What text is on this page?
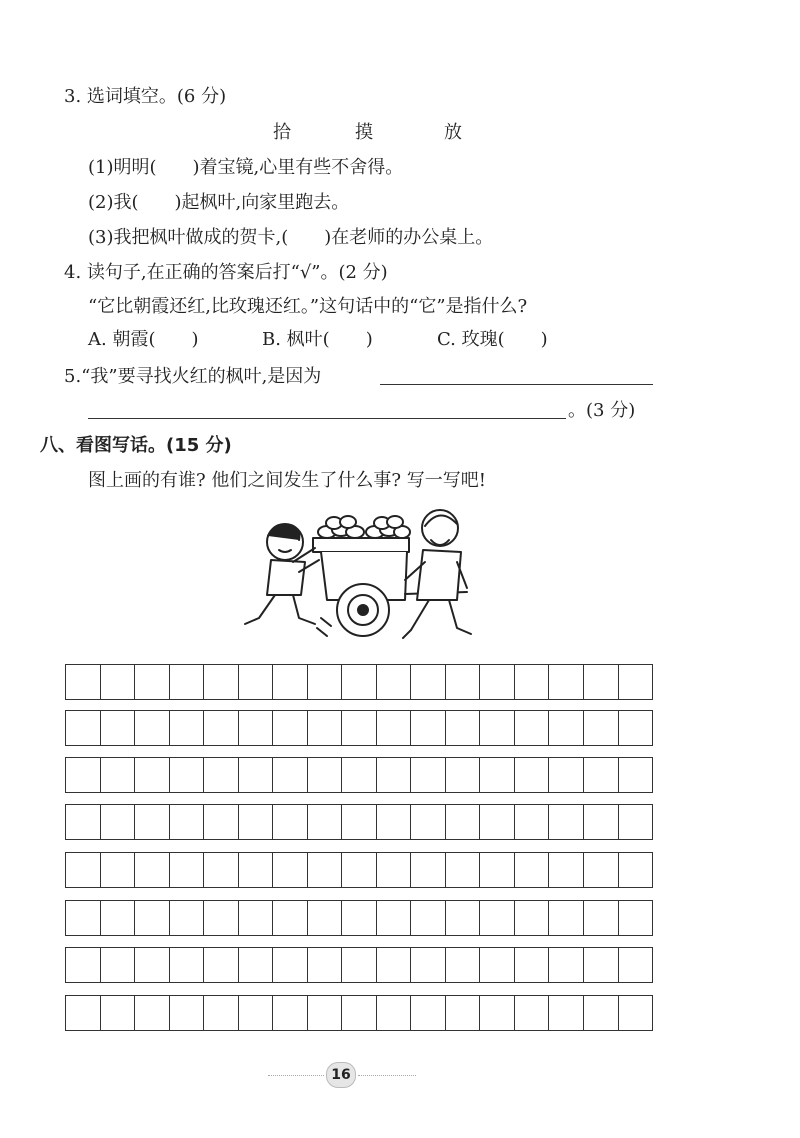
3. 选词填空。(6 分)
拾	摸	放
(1)明明(　　)着宝镜,心里有些不舍得。
(2)我(　　)起枫叶,向家里跑去。
(3)我把枫叶做成的贺卡,(　　)在老师的办公桌上。
4. 读句子,在正确的答案后打“√”。(2 分)
“它比朝霞还红,比玫瑰还红。”这句话中的“它”是指什么?
A. 朝霞(　　)	B. 枫叶(　　)	C. 玫瑰(　　)
5.“我”要寻找火红的枫叶,是因为
。(3 分)
八、看图写话。(15 分)
图上画的有谁? 他们之间发生了什么事? 写一写吧!
16
